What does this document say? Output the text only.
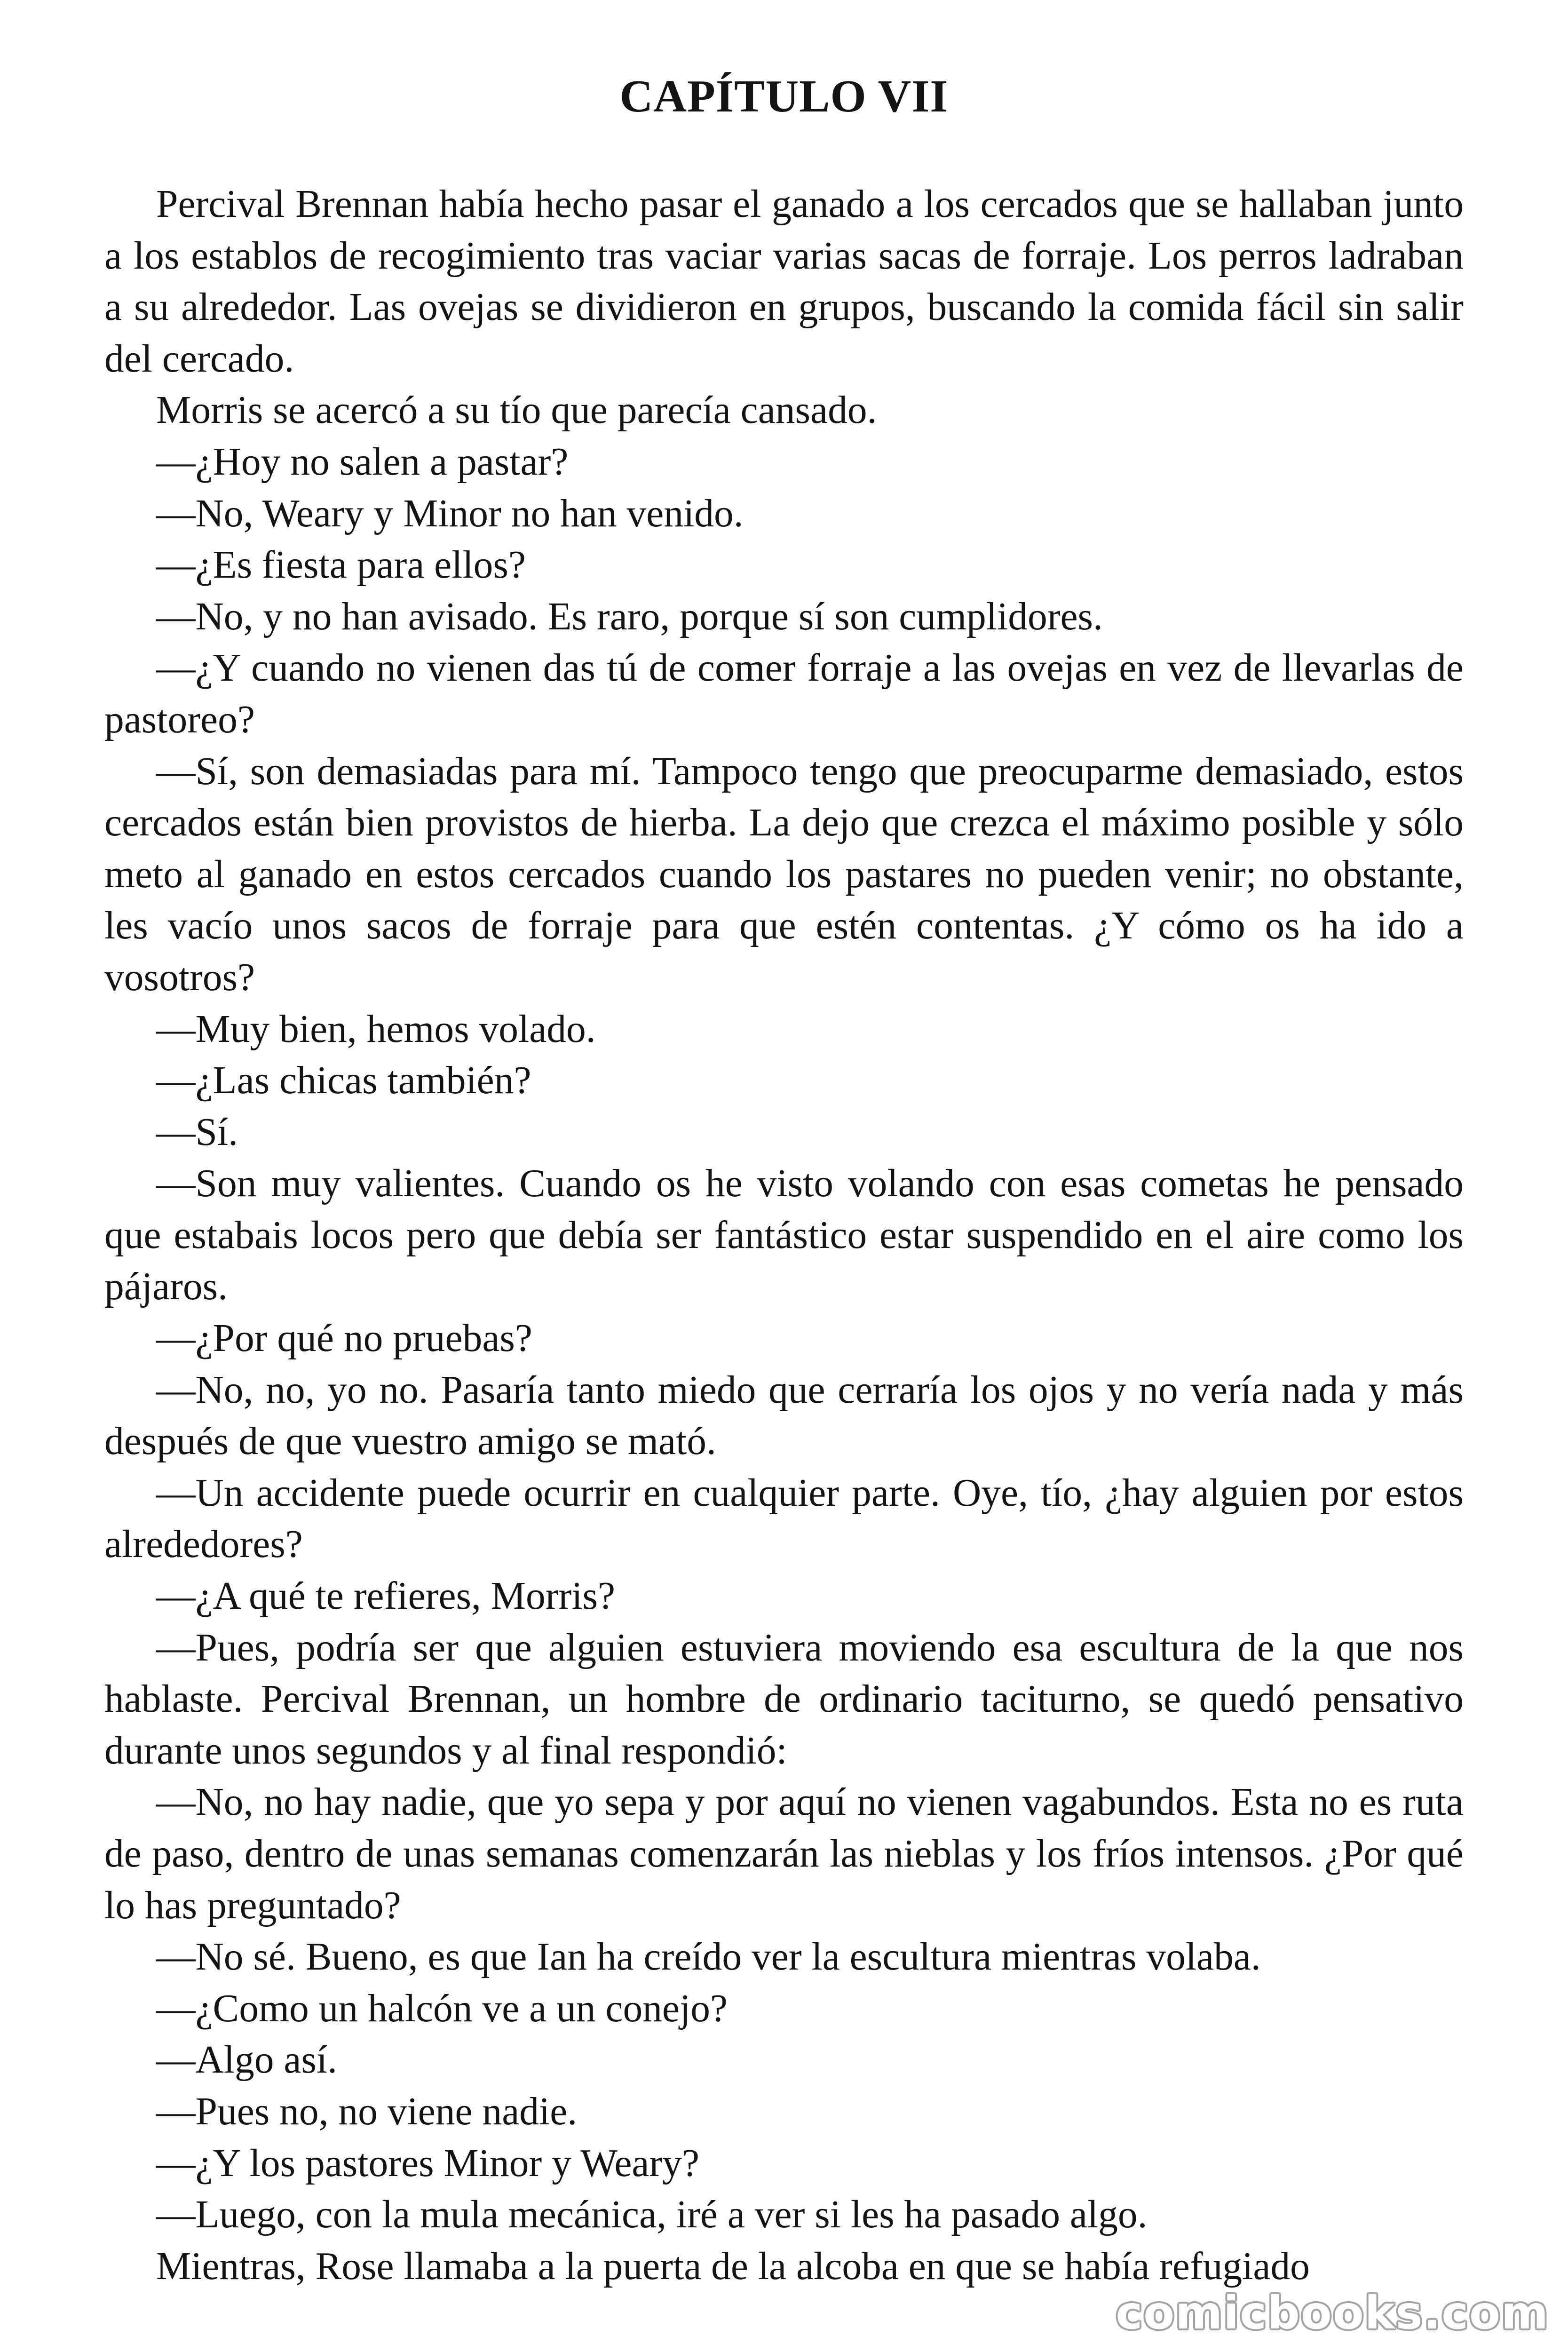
CAPÍTULO VII

Percival Brennan había hecho pasar el ganado a los cercados que se hallaban junto a los establos de recogimiento tras vaciar varias sacas de forraje. Los perros ladraban a su alrededor. Las ovejas se dividieron en grupos, buscando la comida fácil sin salir del cercado.

Morris se acercó a su tío que parecía cansado.

—¿Hoy no salen a pastar?

—No, Weary y Minor no han venido.

—¿Es fiesta para ellos?

—No, y no han avisado. Es raro, porque sí son cumplidores.

—¿Y cuando no vienen das tú de comer forraje a las ovejas en vez de llevarlas de pastoreo?

—Sí, son demasiadas para mí. Tampoco tengo que preocuparme demasiado, estos cercados están bien provistos de hierba. La dejo que crezca el máximo posible y sólo meto al ganado en estos cercados cuando los pastares no pueden venir; no obstante, les vacío unos sacos de forraje para que estén contentas. ¿Y cómo os ha ido a vosotros?

—Muy bien, hemos volado.

—¿Las chicas también?

—Sí.

—Son muy valientes. Cuando os he visto volando con esas cometas he pensado que estabais locos pero que debía ser fantástico estar suspendido en el aire como los pájaros.

—¿Por qué no pruebas?

—No, no, yo no. Pasaría tanto miedo que cerraría los ojos y no vería nada y más después de que vuestro amigo se mató.

—Un accidente puede ocurrir en cualquier parte. Oye, tío, ¿hay alguien por estos alrededores?

—¿A qué te refieres, Morris?

—Pues, podría ser que alguien estuviera moviendo esa escultura de la que nos hablaste. Percival Brennan, un hombre de ordinario taciturno, se quedó pensativo durante unos segundos y al final respondió:

—No, no hay nadie, que yo sepa y por aquí no vienen vagabundos. Esta no es ruta de paso, dentro de unas semanas comenzarán las nieblas y los fríos intensos. ¿Por qué lo has preguntado?

—No sé. Bueno, es que Ian ha creído ver la escultura mientras volaba.

—¿Como un halcón ve a un conejo?

—Algo así.

—Pues no, no viene nadie.

—¿Y los pastores Minor y Weary?

—Luego, con la mula mecánica, iré a ver si les ha pasado algo.

Mientras, Rose llamaba a la puerta de la alcoba en que se había refugiado

comicbooks.com
